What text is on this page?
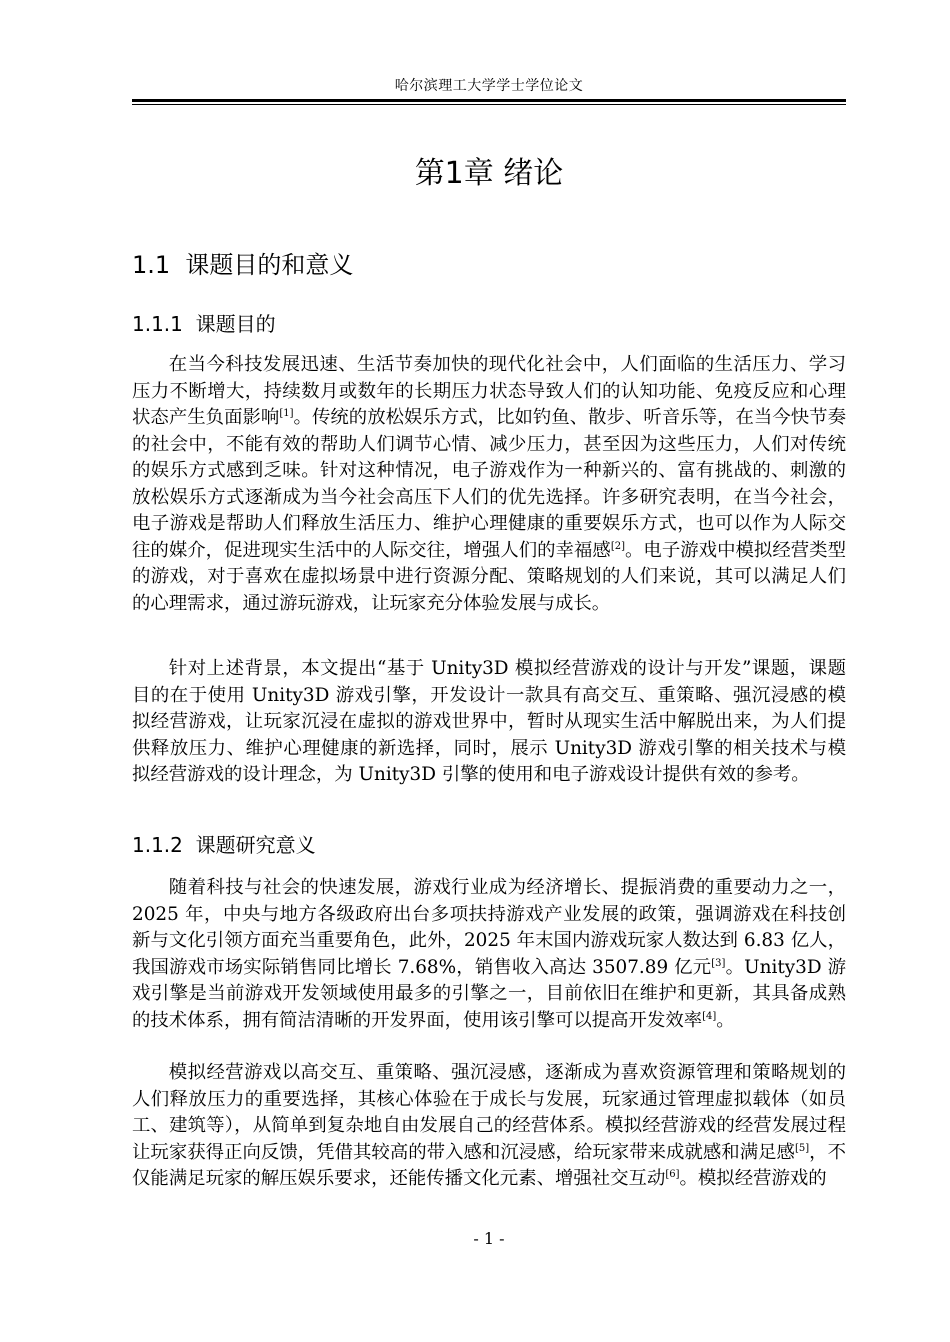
哈尔滨理工大学学士学位论文
第1章 绪论
1.1  课题目的和意义
1.1.1  课题目的

在当今科技发展迅速、生活节奏加快的现代化社会中，人们面临的生活压力、学习压力不断增大，持续数月或数年的长期压力状态导致人们的认知功能、免疫反应和心理状态产生负面影响[1]。传统的放松娱乐方式，比如钓鱼、散步、听音乐等，在当今快节奏的社会中，不能有效的帮助人们调节心情、减少压力，甚至因为这些压力，人们对传统的娱乐方式感到乏味。针对这种情况，电子游戏作为一种新兴的、富有挑战的、刺激的放松娱乐方式逐渐成为当今社会高压下人们的优先选择。许多研究表明，在当今社会，电子游戏是帮助人们释放生活压力、维护心理健康的重要娱乐方式，也可以作为人际交往的媒介，促进现实生活中的人际交往，增强人们的幸福感[2]。电子游戏中模拟经营类型的游戏，对于喜欢在虚拟场景中进行资源分配、策略规划的人们来说，其可以满足人们的心理需求，通过游玩游戏，让玩家充分体验发展与成长。

针对上述背景，本文提出“基于 Unity3D 模拟经营游戏的设计与开发”课题，课题目的在于使用 Unity3D 游戏引擎，开发设计一款具有高交互、重策略、强沉浸感的模拟经营游戏，让玩家沉浸在虚拟的游戏世界中，暂时从现实生活中解脱出来，为人们提供释放压力、维护心理健康的新选择，同时，展示 Unity3D 游戏引擎的相关技术与模拟经营游戏的设计理念，为 Unity3D 引擎的使用和电子游戏设计提供有效的参考。

1.1.2  课题研究意义

随着科技与社会的快速发展，游戏行业成为经济增长、提振消费的重要动力之一，2025 年，中央与地方各级政府出台多项扶持游戏产业发展的政策，强调游戏在科技创新与文化引领方面充当重要角色，此外，2025 年末国内游戏玩家人数达到 6.83 亿人，我国游戏市场实际销售同比增长 7.68%，销售收入高达 3507.89 亿元[3]。Unity3D 游戏引擎是当前游戏开发领域使用最多的引擎之一，目前依旧在维护和更新，其具备成熟的技术体系，拥有简洁清晰的开发界面，使用该引擎可以提高开发效率[4]。

模拟经营游戏以高交互、重策略、强沉浸感，逐渐成为喜欢资源管理和策略规划的人们释放压力的重要选择，其核心体验在于成长与发展，玩家通过管理虚拟载体（如员工、建筑等），从简单到复杂地自由发展自己的经营体系。模拟经营游戏的经营发展过程让玩家获得正向反馈，凭借其较高的带入感和沉浸感，给玩家带来成就感和满足感[5]，不仅能满足玩家的解压娱乐要求，还能传播文化元素、增强社交互动[6]。模拟经营游戏的

- 1 -
